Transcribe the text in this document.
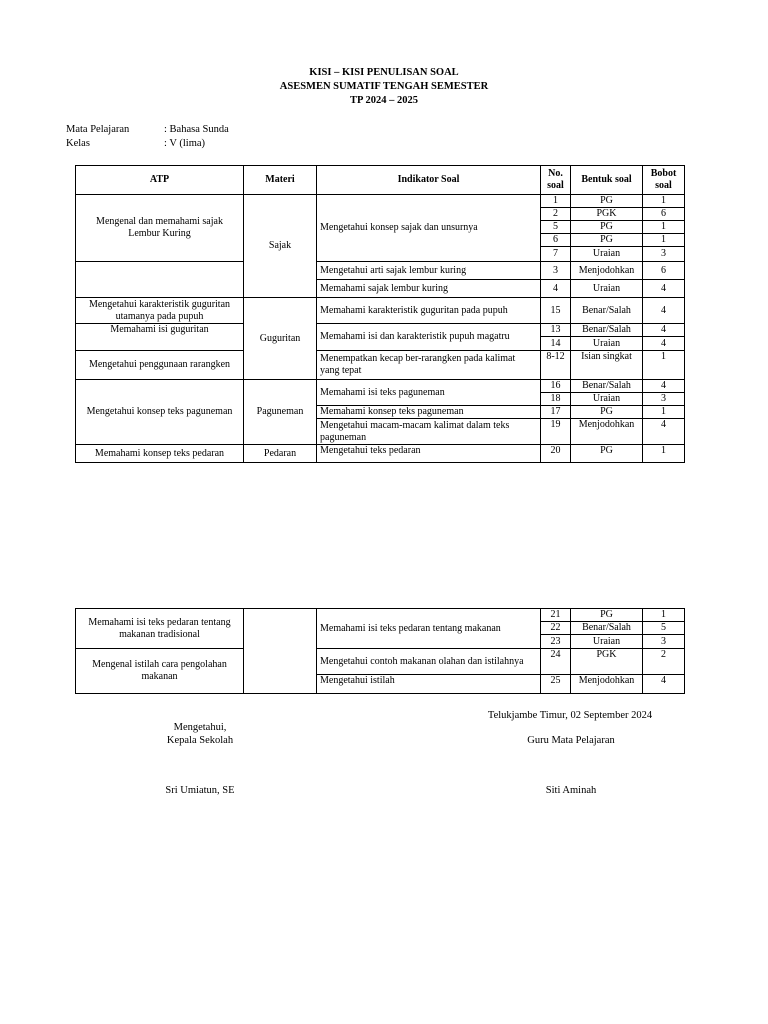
KISI – KISI PENULISAN SOAL
ASESMEN SUMATIF TENGAH SEMESTER
TP 2024 – 2025
Mata Pelajaran	: Bahasa Sunda
Kelas	: V (lima)
ATP	Materi	Indikator Soal	No. soal	Bentuk soal	Bobot soal
Mengenal dan memahami sajak Lembur Kuring	Sajak	Mengetahui konsep sajak dan unsurnya	1	PG	1
			2	PGK	6
			5	PG	1
			6	PG	1
			7	Uraian	3
		Mengetahui arti sajak lembur kuring	3	Menjodohkan	6
		Memahami sajak lembur kuring	4	Uraian	4
Mengetahui karakteristik guguritan utamanya pada pupuh	Guguritan	Memahami karakteristik guguritan pada pupuh	15	Benar/Salah	4
Memahami isi guguritan		Memahami isi dan karakteristik pupuh magatru	13	Benar/Salah	4
			14	Uraian	4
Mengetahui penggunaan rarangken		Menempatkan kecap ber-rarangken pada kalimat yang tepat	8-12	Isian singkat	1
Mengetahui konsep teks paguneman	Paguneman	Memahami isi teks paguneman	16	Benar/Salah	4
			18	Uraian	3
		Memahami konsep teks paguneman	17	PG	1
		Mengetahui macam-macam kalimat dalam teks paguneman	19	Menjodohkan	4

Memahami konsep teks pedaran	Pedaran	Mengetahui teks pedaran	20	PG	1
Memahami isi teks pedaran tentang makanan tradisional		Memahami isi teks pedaran tentang makanan	21	PG	1
			22	Benar/Salah	5
			23	Uraian	3
Mengenal istilah cara pengolahan makanan		Mengetahui contoh makanan olahan dan istilahnya	24	PGK	2

		Mengetahui istilah	25	Menjodohkan	4
Telukjambe Timur, 02 September 2024
Mengetahui,
Kepala Sekolah	Guru Mata Pelajaran
Sri Umiatun, SE	Siti Aminah
